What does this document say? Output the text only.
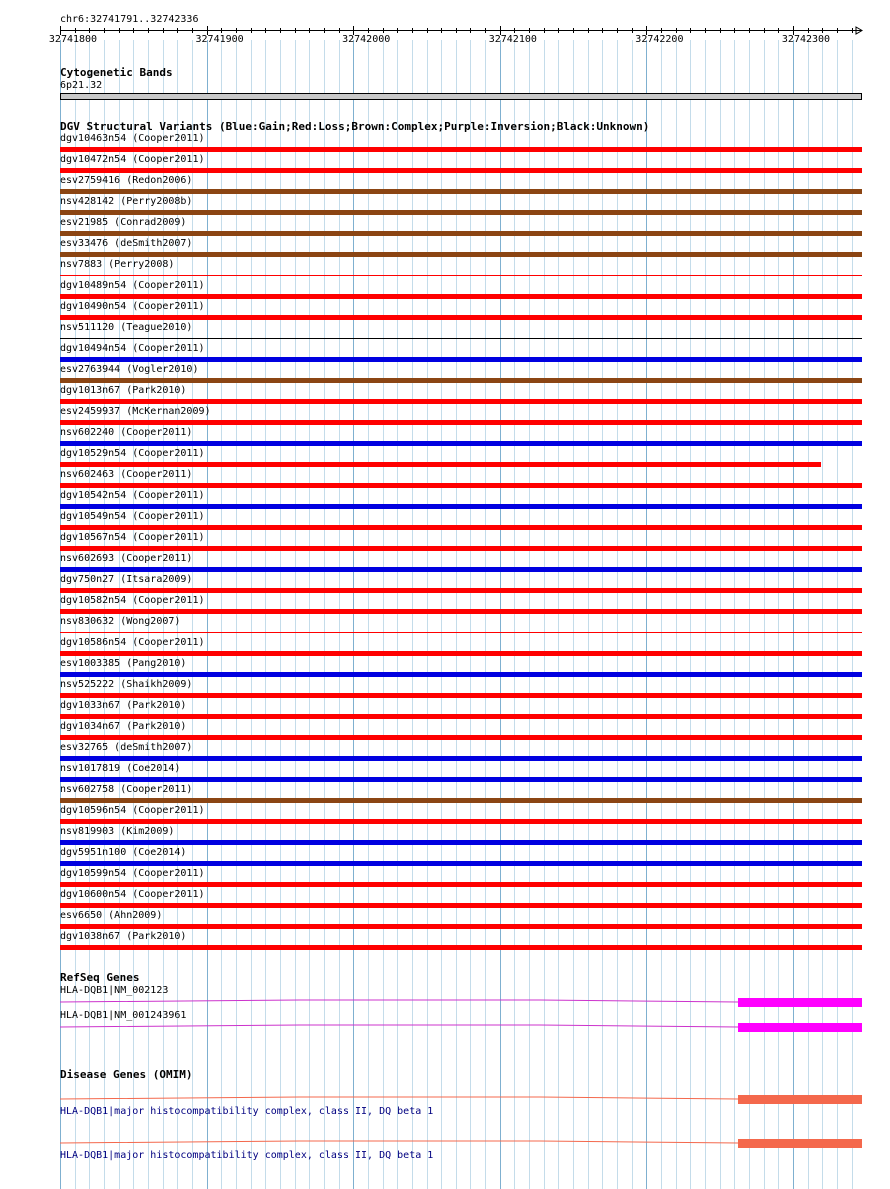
chr6:32741791..32742336
32741800	32741900	32742000	32742100	32742200	32742300
Cytogenetic Bands
6p21.32
DGV Structural Variants (Blue:Gain;Red:Loss;Brown:Complex;Purple:Inversion;Black:Unknown)
dgv10463n54 (Cooper2011)
dgv10472n54 (Cooper2011)
esv2759416 (Redon2006)
nsv428142 (Perry2008b)
esv21985 (Conrad2009)
esv33476 (deSmith2007)
nsv7883 (Perry2008)
dgv10489n54 (Cooper2011)
dgv10490n54 (Cooper2011)
nsv511120 (Teague2010)
dgv10494n54 (Cooper2011)
esv2763944 (Vogler2010)
dgv1013n67 (Park2010)
esv2459937 (McKernan2009)
nsv602240 (Cooper2011)
dgv10529n54 (Cooper2011)
nsv602463 (Cooper2011)
dgv10542n54 (Cooper2011)
dgv10549n54 (Cooper2011)
dgv10567n54 (Cooper2011)
nsv602693 (Cooper2011)
dgv750n27 (Itsara2009)
dgv10582n54 (Cooper2011)
nsv830632 (Wong2007)
dgv10586n54 (Cooper2011)
esv1003385 (Pang2010)
nsv525222 (Shaikh2009)
dgv1033n67 (Park2010)
dgv1034n67 (Park2010)
esv32765 (deSmith2007)
nsv1017819 (Coe2014)
nsv602758 (Cooper2011)
dgv10596n54 (Cooper2011)
nsv819903 (Kim2009)
dgv5951n100 (Coe2014)
dgv10599n54 (Cooper2011)
dgv10600n54 (Cooper2011)
esv6650 (Ahn2009)
dgv1038n67 (Park2010)
RefSeq Genes
HLA-DQB1|NM_002123
HLA-DQB1|NM_001243961
Disease Genes (OMIM)
HLA-DQB1|major histocompatibility complex, class II, DQ beta 1
HLA-DQB1|major histocompatibility complex, class II, DQ beta 1
